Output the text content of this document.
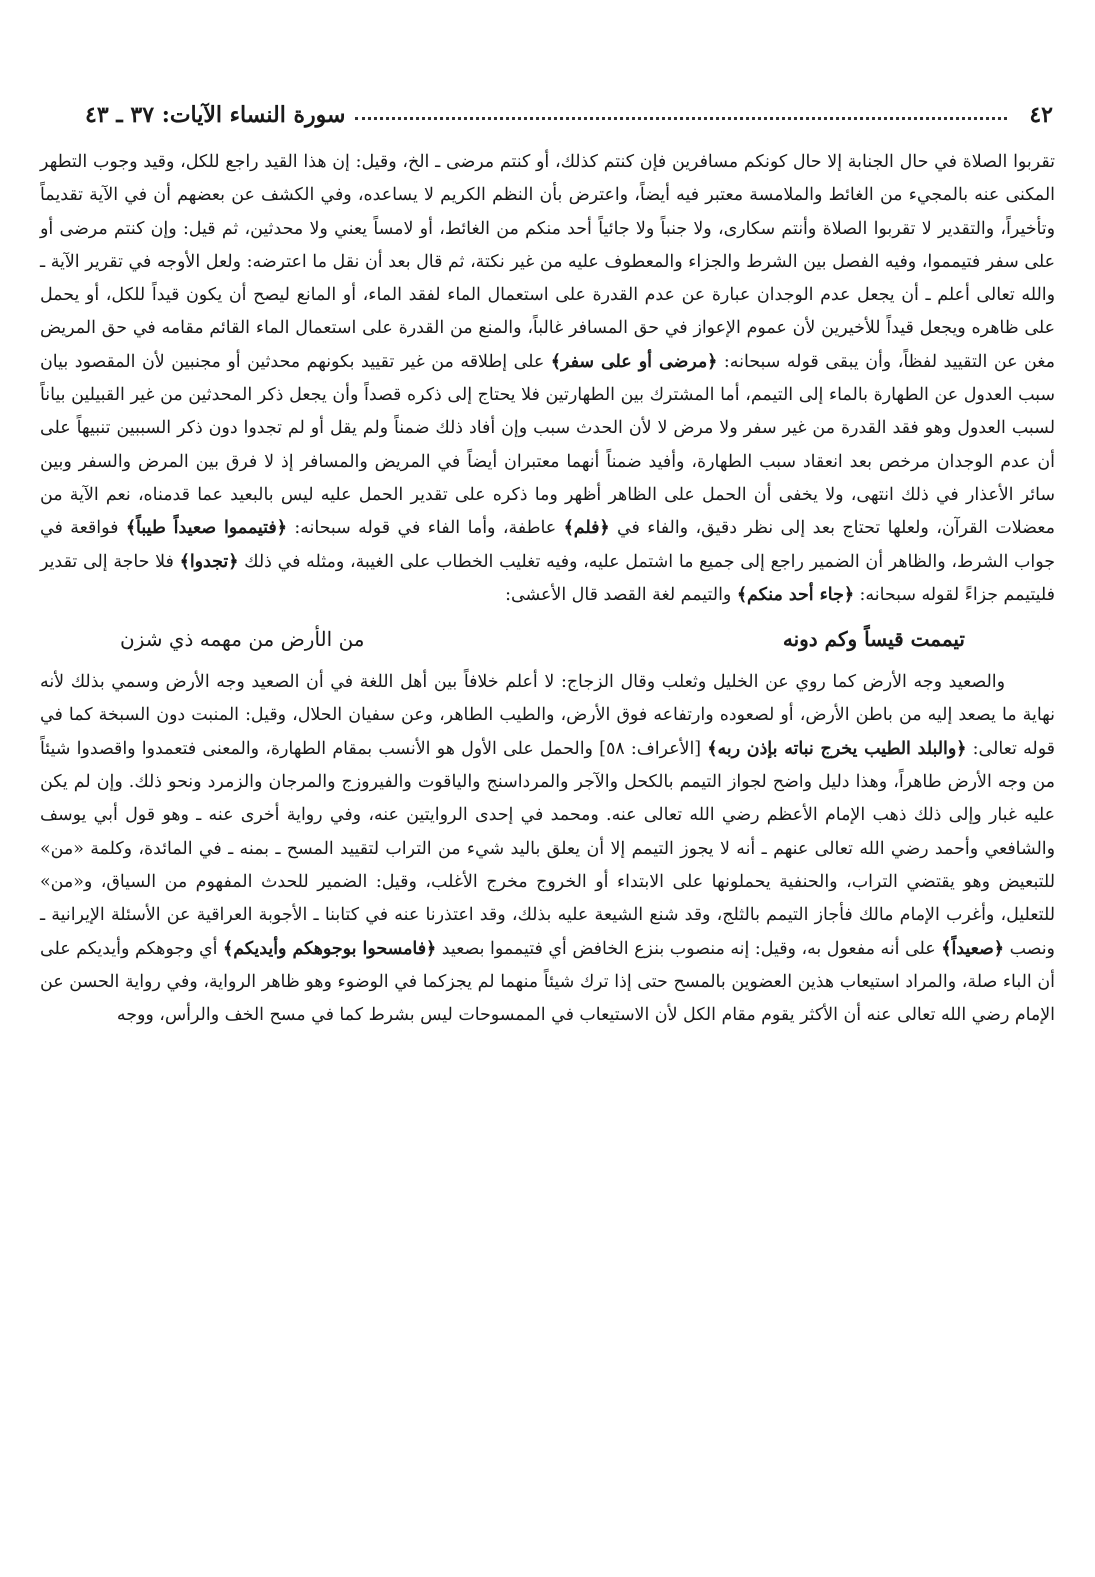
٤٢
سورة النساء الآيات: ٣٧ ـ ٤٣

تقربوا الصلاة في حال الجنابة إلا حال كونكم مسافرين فإن كنتم كذلك، أو كنتم مرضى ـ الخ، وقيل: إن هذا القيد راجع للكل، وقيد وجوب التطهر المكنى عنه بالمجيء من الغائط والملامسة معتبر فيه أيضاً، واعترض بأن النظم الكريم لا يساعده، وفي الكشف عن بعضهم أن في الآية تقديماً وتأخيراً، والتقدير لا تقربوا الصلاة وأنتم سكارى، ولا جنباً ولا جائياً أحد منكم من الغائط، أو لامساً يعني ولا محدثين، ثم قيل: وإن كنتم مرضى أو على سفر فتيمموا، وفيه الفصل بين الشرط والجزاء والمعطوف عليه من غير نكتة، ثم قال بعد أن نقل ما اعترضه: ولعل الأوجه في تقرير الآية ـ والله تعالى أعلم ـ أن يجعل عدم الوجدان عبارة عن عدم القدرة على استعمال الماء لفقد الماء، أو المانع ليصح أن يكون قيداً للكل، أو يحمل على ظاهره ويجعل قيداً للأخيرين لأن عموم الإعواز في حق المسافر غالباً، والمنع من القدرة على استعمال الماء القائم مقامه في حق المريض مغن عن التقييد لفظاً، وأن يبقى قوله سبحانه: ﴿مرضى أو على سفر﴾ على إطلاقه من غير تقييد بكونهم محدثين أو مجنبين لأن المقصود بيان سبب العدول عن الطهارة بالماء إلى التيمم، أما المشترك بين الطهارتين فلا يحتاج إلى ذكره قصداً وأن يجعل ذكر المحدثين من غير القبيلين بياناً لسبب العدول وهو فقد القدرة من غير سفر ولا مرض لا لأن الحدث سبب وإن أفاد ذلك ضمناً ولم يقل أو لم تجدوا دون ذكر السببين تنبيهاً على أن عدم الوجدان مرخص بعد انعقاد سبب الطهارة، وأفيد ضمناً أنهما معتبران أيضاً في المريض والمسافر إذ لا فرق بين المرض والسفر وبين سائر الأعذار في ذلك انتهى، ولا يخفى أن الحمل على الظاهر أظهر وما ذكره على تقدير الحمل عليه ليس بالبعيد عما قدمناه، نعم الآية من معضلات القرآن، ولعلها تحتاج بعد إلى نظر دقيق، والفاء في ﴿فلم﴾ عاطفة، وأما الفاء في قوله سبحانه: ﴿فتيمموا صعيداً طيباً﴾ فواقعة في جواب الشرط، والظاهر أن الضمير راجع إلى جميع ما اشتمل عليه، وفيه تغليب الخطاب على الغيبة، ومثله في ذلك ﴿تجدوا﴾ فلا حاجة إلى تقدير فليتيمم جزاءً لقوله سبحانه: ﴿جاء أحد منكم﴾ والتيمم لغة القصد قال الأعشى:

تيممت قيساً وكم دونه
من الأرض من مهمه ذي شزن

والصعيد وجه الأرض كما روي عن الخليل وثعلب وقال الزجاج: لا أعلم خلافاً بين أهل اللغة في أن الصعيد وجه الأرض وسمي بذلك لأنه نهاية ما يصعد إليه من باطن الأرض، أو لصعوده وارتفاعه فوق الأرض، والطيب الطاهر، وعن سفيان الحلال، وقيل: المنبت دون السبخة كما في قوله تعالى: ﴿والبلد الطيب يخرج نباته بإذن ربه﴾ [الأعراف: ٥٨] والحمل على الأول هو الأنسب بمقام الطهارة، والمعنى فتعمدوا واقصدوا شيئاً من وجه الأرض طاهراً، وهذا دليل واضح لجواز التيمم بالكحل والآجر والمرداسنج والياقوت والفيروزج والمرجان والزمرد ونحو ذلك. وإن لم يكن عليه غبار وإلى ذلك ذهب الإمام الأعظم رضي الله تعالى عنه. ومحمد في إحدى الروايتين عنه، وفي رواية أخرى عنه ـ وهو قول أبي يوسف والشافعي وأحمد رضي الله تعالى عنهم ـ أنه لا يجوز التيمم إلا أن يعلق باليد شيء من التراب لتقييد المسح ـ بمنه ـ في المائدة، وكلمة «من» للتبعيض وهو يقتضي التراب، والحنفية يحملونها على الابتداء أو الخروج مخرج الأغلب، وقيل: الضمير للحدث المفهوم من السياق، و«من» للتعليل، وأغرب الإمام مالك فأجاز التيمم بالثلج، وقد شنع الشيعة عليه بذلك، وقد اعتذرنا عنه في كتابنا ـ الأجوبة العراقية عن الأسئلة الإيرانية ـ ونصب ﴿صعيداً﴾ على أنه مفعول به، وقيل: إنه منصوب بنزع الخافض أي فتيمموا بصعيد ﴿فامسحوا بوجوهكم وأيديكم﴾ أي وجوهكم وأيديكم على أن الباء صلة، والمراد استيعاب هذين العضوين بالمسح حتى إذا ترك شيئاً منهما لم يجزكما في الوضوء وهو ظاهر الرواية، وفي رواية الحسن عن الإمام رضي الله تعالى عنه أن الأكثر يقوم مقام الكل لأن الاستيعاب في الممسوحات ليس بشرط كما في مسح الخف والرأس، ووجه
